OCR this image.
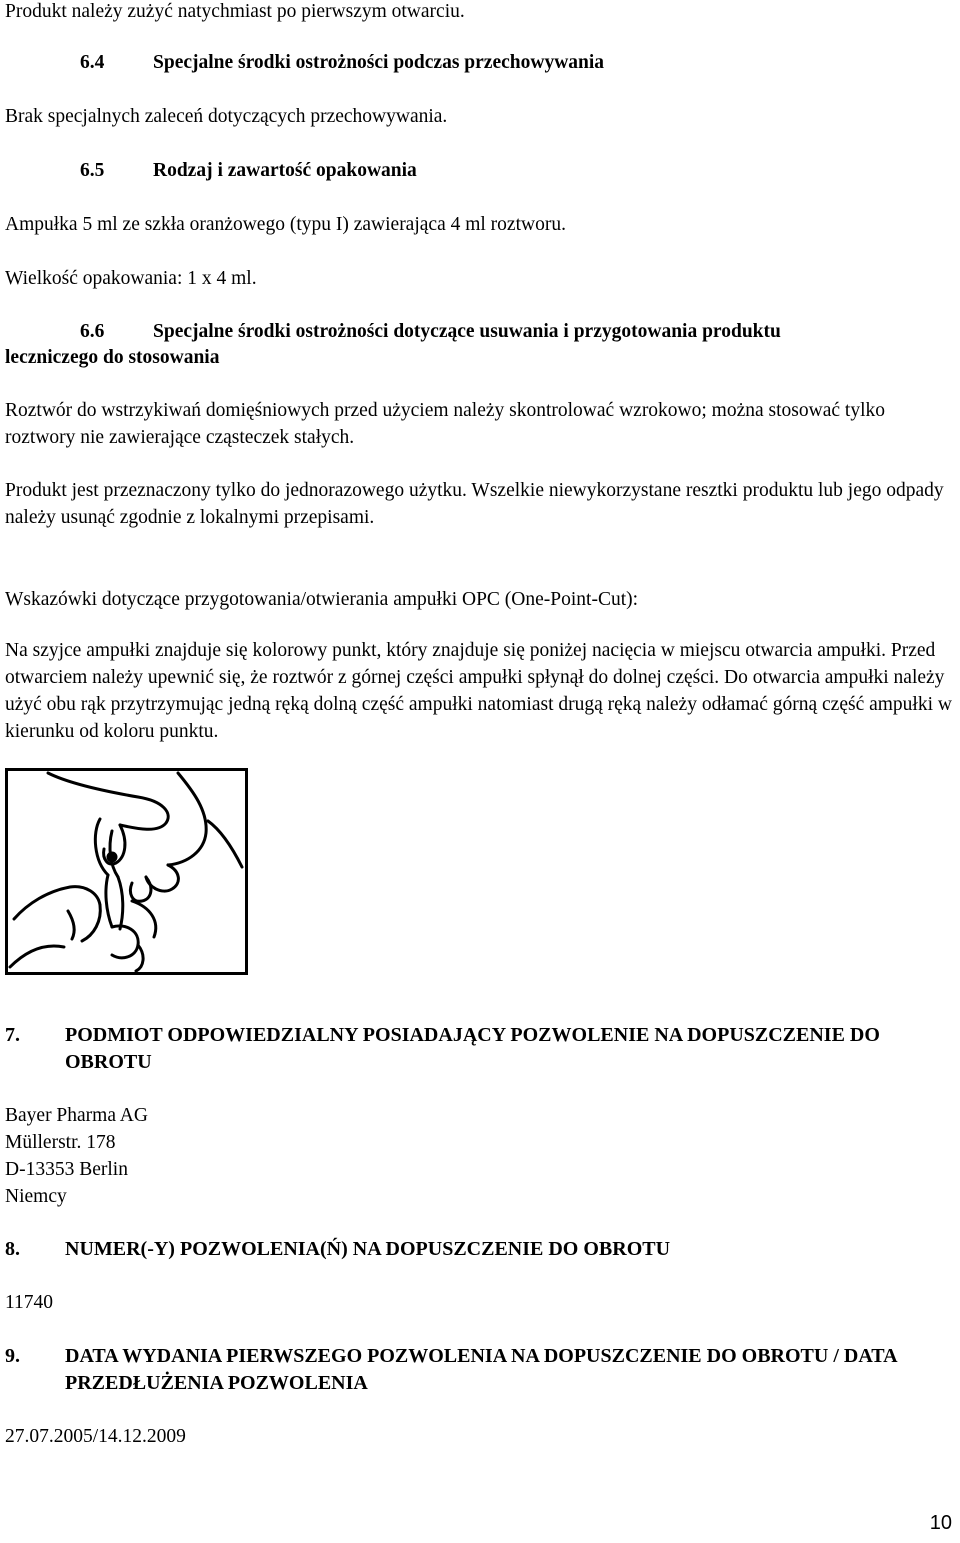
Produkt należy zużyć natychmiast po pierwszym otwarciu.

6.4 Specjalne środki ostrożności podczas przechowywania

Brak specjalnych zaleceń dotyczących przechowywania.

6.5 Rodzaj i zawartość opakowania

Ampułka 5 ml ze szkła oranżowego (typu I) zawierająca 4 ml roztworu.

Wielkość opakowania: 1 x 4 ml.

6.6 Specjalne środki ostrożności dotyczące usuwania i przygotowania produktu

leczniczego do stosowania

Roztwór do wstrzykiwań domięśniowych przed użyciem należy skontrolować wzrokowo; można stosować tylko roztwory nie zawierające cząsteczek stałych.

Produkt jest przeznaczony tylko do jednorazowego użytku. Wszelkie niewykorzystane resztki produktu lub jego odpady należy usunąć zgodnie z lokalnymi przepisami.

Wskazówki dotyczące przygotowania/otwierania ampułki OPC (One-Point-Cut):

Na szyjce ampułki znajduje się kolorowy punkt, który znajduje się poniżej nacięcia w miejscu otwarcia ampułki. Przed otwarciem należy upewnić się, że roztwór z górnej części ampułki spłynął do dolnej części. Do otwarcia ampułki należy użyć obu rąk przytrzymując jedną ręką dolną część ampułki natomiast drugą ręką należy odłamać górną część ampułki w kierunku od koloru punktu.

7. PODMIOT ODPOWIEDZIALNY POSIADAJĄCY POZWOLENIE NA DOPUSZCZENIE DO OBROTU

Bayer Pharma AG

Müllerstr. 178

D-13353 Berlin

Niemcy

8. NUMER(-Y) POZWOLENIA(Ń) NA DOPUSZCZENIE DO OBROTU

11740

9. DATA WYDANIA PIERWSZEGO POZWOLENIA NA DOPUSZCZENIE DO OBROTU / DATA PRZEDŁUŻENIA POZWOLENIA

27.07.2005/14.12.2009

10
